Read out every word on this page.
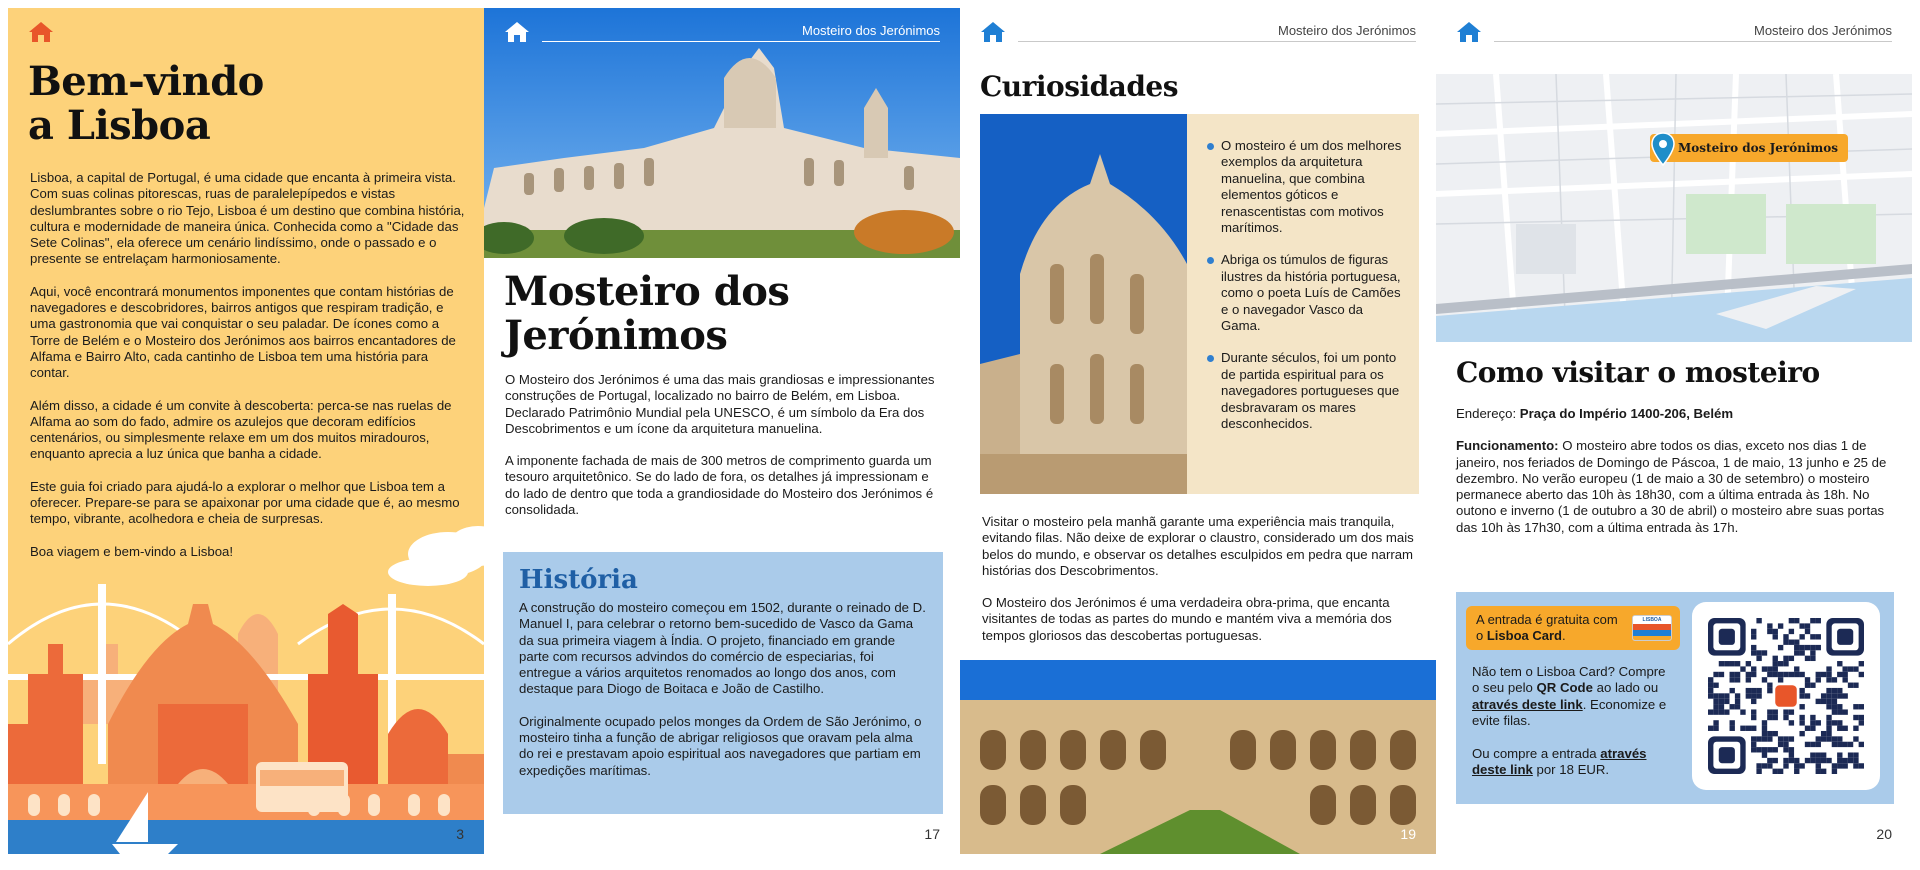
Bem-vindo
a Lisboa

Lisboa, a capital de Portugal, é uma cidade que encanta à primeira vista. Com suas colinas pitorescas, ruas de paralelepípedos e vistas deslumbrantes sobre o rio Tejo, Lisboa é um destino que combina história, cultura e modernidade de maneira única. Conhecida como a "Cidade das Sete Colinas", ela oferece um cenário lindíssimo, onde o passado e o presente se entrelaçam harmoniosamente.

Aqui, você encontrará monumentos imponentes que contam histórias de navegadores e descobridores, bairros antigos que respiram tradição, e uma gastronomia que vai conquistar o seu paladar. De ícones como a Torre de Belém e o Mosteiro dos Jerónimos aos bairros encantadores de Alfama e Bairro Alto, cada cantinho de Lisboa tem uma história para contar.

Além disso, a cidade é um convite à descoberta: perca-se nas ruelas de Alfama ao som do fado, admire os azulejos que decoram edifícios centenários, ou simplesmente relaxe em um dos muitos miradouros, enquanto aprecia a luz única que banha a cidade.

Este guia foi criado para ajudá-lo a explorar o melhor que Lisboa tem a oferecer. Prepare-se para se apaixonar por uma cidade que é, ao mesmo tempo, vibrante, acolhedora e cheia de surpresas.

Boa viagem e bem-vindo a Lisboa!

3
Mosteiro dos Jerónimos
Mosteiro dos
Jerónimos

O Mosteiro dos Jerónimos é uma das mais grandiosas e impressionantes construções de Portugal, localizado no bairro de Belém, em Lisboa. Declarado Patrimônio Mundial pela UNESCO, é um símbolo da Era dos Descobrimentos e um ícone da arquitetura manuelina.

A imponente fachada de mais de 300 metros de comprimento guarda um tesouro arquitetônico. Se do lado de fora, os detalhes já impressionam e do lado de dentro que toda a grandiosidade do Mosteiro dos Jerónimos é consolidada.

História

A construção do mosteiro começou em 1502, durante o reinado de D. Manuel I, para celebrar o retorno bem-sucedido de Vasco da Gama da sua primeira viagem à Índia. O projeto, financiado em grande parte com recursos advindos do comércio de especiarias, foi entregue a vários arquitetos renomados ao longo dos anos, com destaque para Diogo de Boitaca e João de Castilho.

Originalmente ocupado pelos monges da Ordem de São Jerónimo, o mosteiro tinha a função de abrigar religiosos que oravam pela alma do rei e prestavam apoio espiritual aos navegadores que partiam em expedições marítimas.

17
Mosteiro dos Jerónimos
Curiosidades
O mosteiro é um dos melhores exemplos da arquitetura manuelina, que combina elementos góticos e renascentistas com motivos marítimos.
Abriga os túmulos de figuras ilustres da história portuguesa, como o poeta Luís de Camões e o navegador Vasco da Gama.
Durante séculos, foi um ponto de partida espiritual para os navegadores portugueses que desbravaram os mares desconhecidos.

Visitar o mosteiro pela manhã garante uma experiência mais tranquila, evitando filas. Não deixe de explorar o claustro, considerado um dos mais belos do mundo, e observar os detalhes esculpidos em pedra que narram histórias dos Descobrimentos.

O Mosteiro dos Jerónimos é uma verdadeira obra-prima, que encanta visitantes de todas as partes do mundo e mantém viva a memória dos tempos gloriosos das descobertas portuguesas.

19
Mosteiro dos Jerónimos
Mosteiro dos Jerónimos
Como visitar o mosteiro

Endereço: Praça do Império 1400-206, Belém

Funcionamento: O mosteiro abre todos os dias, exceto nos dias 1 de janeiro, nos feriados de Domingo de Páscoa, 1 de maio, 13 junho e 25 de dezembro. No verão europeu (1 de maio a 30 de setembro) o mosteiro permanece aberto das 10h às 18h30, com a última entrada às 18h. No outono e inverno (1 de outubro a 30 de abril) o mosteiro abre suas portas das 10h às 17h30, com a última entrada às 17h.

A entrada é gratuita com
o Lisboa Card.
LISBOA

Não tem o Lisboa Card? Compre o seu pelo QR Code ao lado ou através deste link. Economize e evite filas.

Ou compre a entrada através deste link por 18 EUR.

20
